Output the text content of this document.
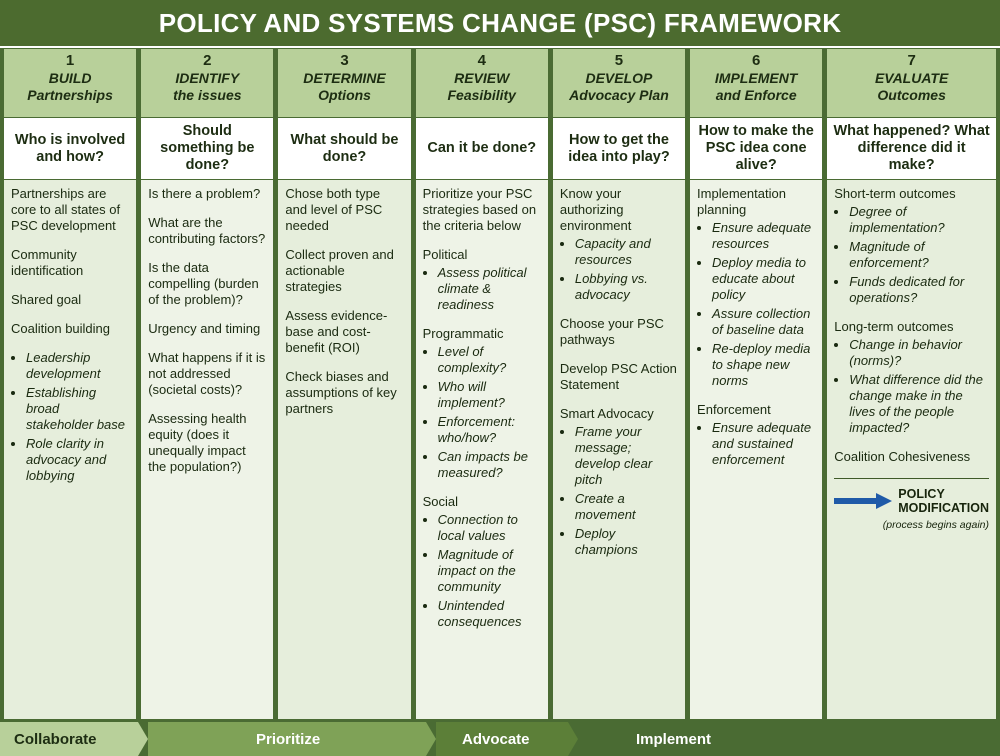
POLICY AND SYSTEMS CHANGE (PSC) FRAMEWORK
1
BUILD
Partnerships
Who is involved and how?

Partnerships are core to all states of PSC development

Community identification

Shared goal

Coalition building

• Leadership development
• Establishing broad stakeholder base
• Role clarity in advocacy and lobbying
2
IDENTIFY
the issues
Should something be done?

Is there a problem?

What are the contributing factors?

Is the data compelling (burden of the problem)?

Urgency and timing

What happens if it is not addressed (societal costs)?

Assessing health equity (does it unequally impact the population?)

3
DETERMINE
Options
What should be done?

Chose both type and level of PSC needed

Collect proven and actionable strategies

Assess evidence-base and cost-benefit (ROI)

Check biases and assumptions of key partners

4
REVIEW
Feasibility
Can it be done?

Prioritize your PSC strategies based on the criteria below

Political

• Assess political climate & readiness

Programmatic

• Level of complexity?
• Who will implement?
• Enforcement: who/how?
• Can impacts be measured?

Social

• Connection to local values
• Magnitude of impact on the community
• Unintended consequences
5
DEVELOP
Advocacy Plan
How to get the idea into play?

Know your authorizing environment

• Capacity and resources
• Lobbying vs. advocacy

Choose your PSC pathways

Develop PSC Action Statement

Smart Advocacy

• Frame your message; develop clear pitch
• Create a movement
• Deploy champions
6
IMPLEMENT
and Enforce
How to make the PSC idea cone alive?

Implementation planning

• Ensure adequate resources
• Deploy media to educate about policy
• Assure collection of baseline data
• Re-deploy media to shape new norms

Enforcement

• Ensure adequate and sustained enforcement
7
EVALUATE
Outcomes
What happened? What difference did it make?

Short-term outcomes

• Degree of implementation?
• Magnitude of enforcement?
• Funds dedicated for operations?

Long-term outcomes

• Change in behavior (norms)?
• What difference did the change make in the lives of the people impacted?

Coalition Cohesiveness

POLICY
MODIFICATION
(process begins again)
Collaborate	Prioritize	Advocate	Implement
